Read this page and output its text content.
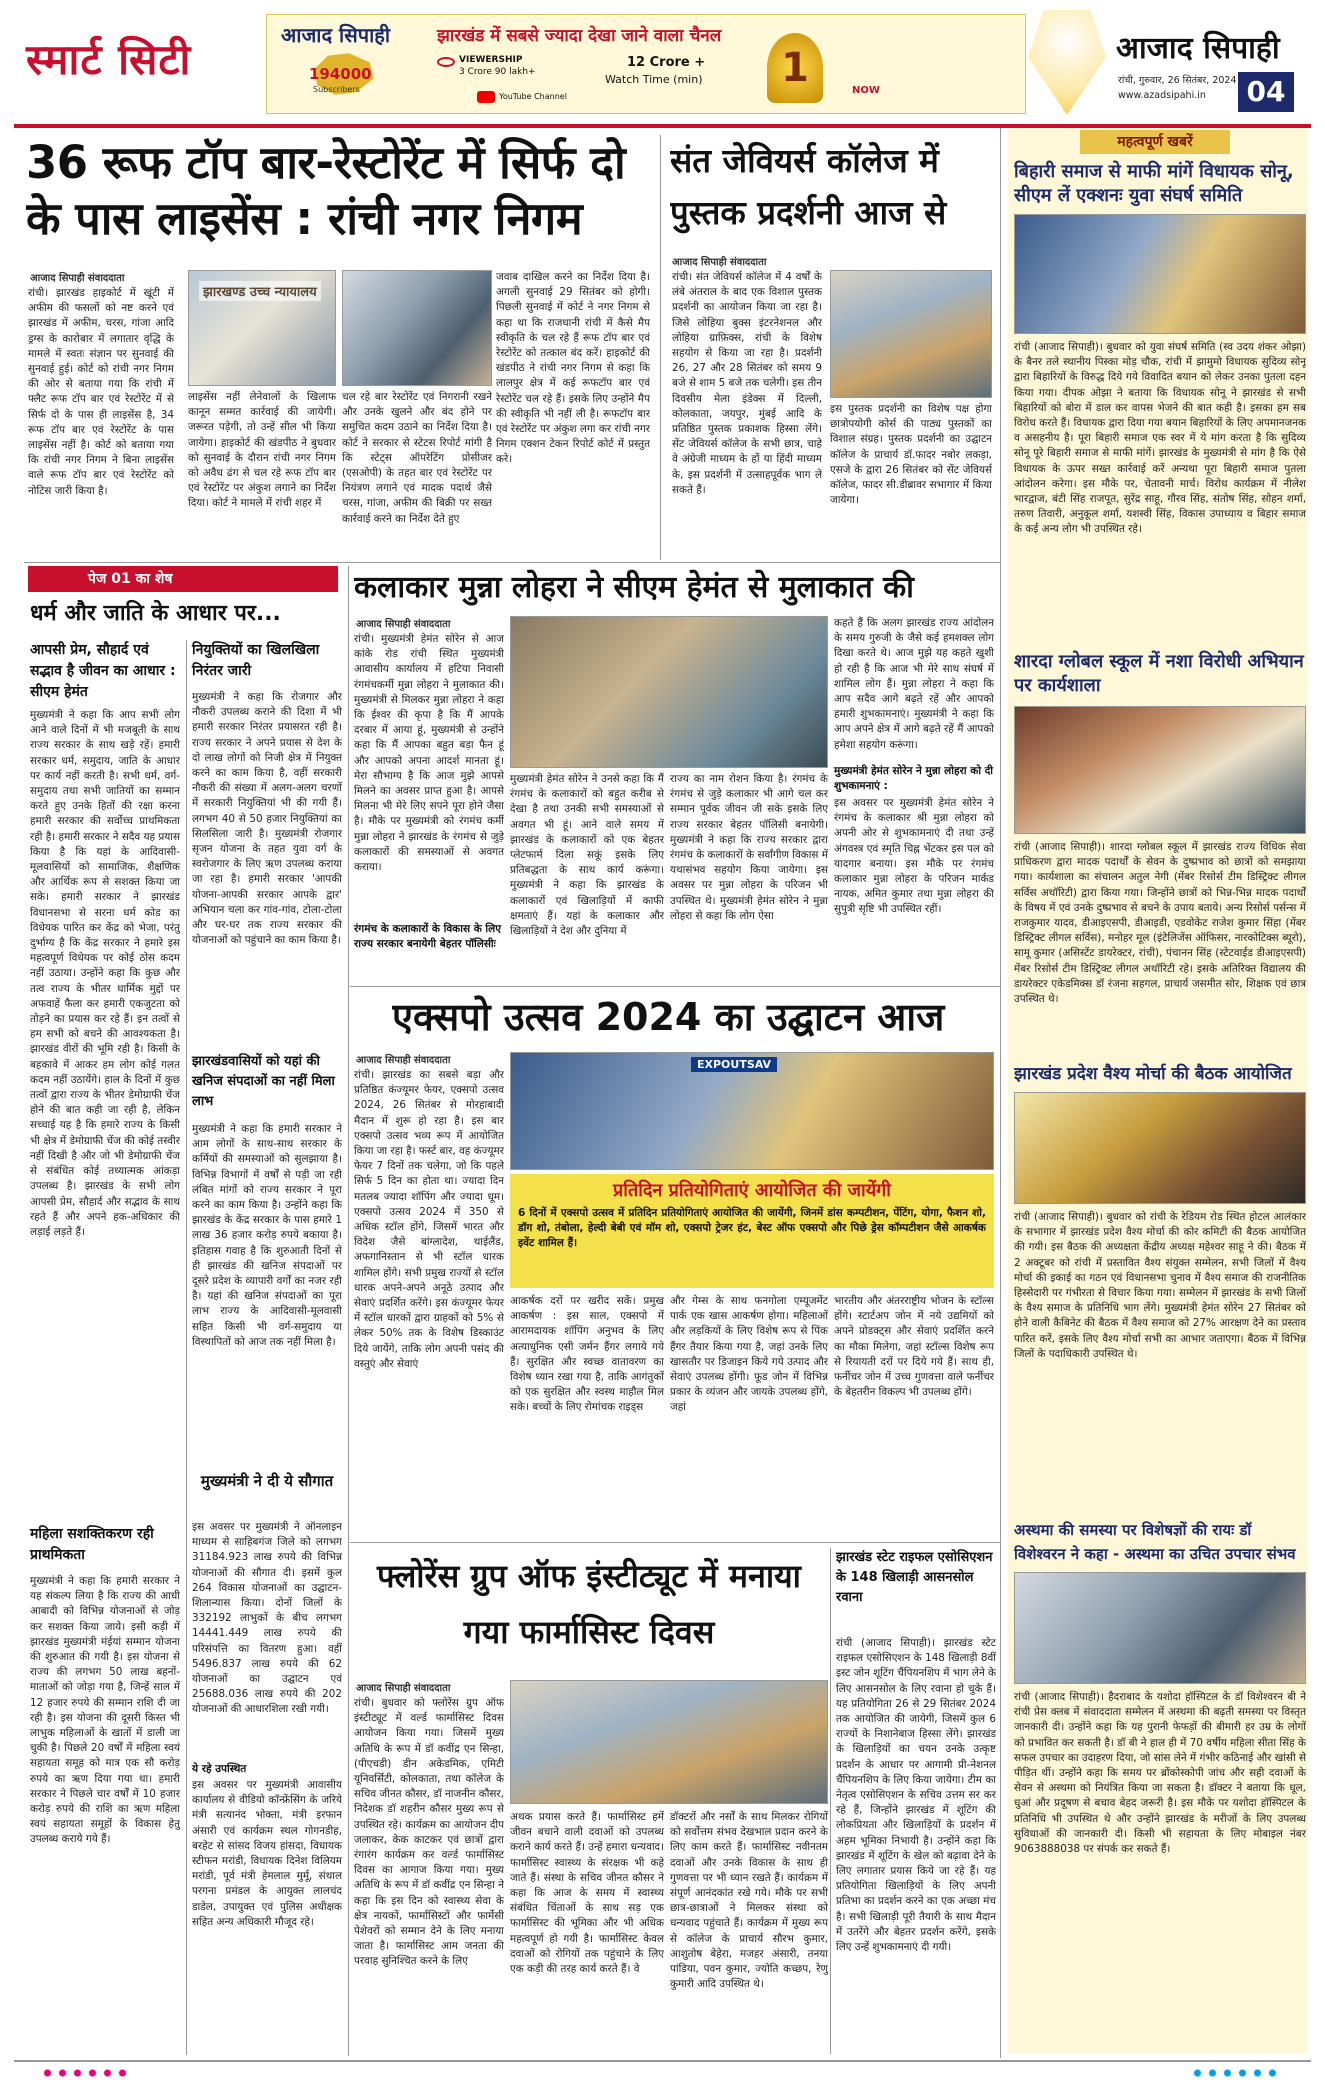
स्मार्ट सिटी	आजाद सिपाही	झारखंड में सबसे ज्यादा देखा जाने वाला चैनल
194000
Subscribers
VIEWERSHIP
3 Crore 90 lakh+
12 Crore +
Watch Time (min)
YouTube Channel
1	NOW
आजाद सिपाही
रांची, गुरुवार, 26 सितंबर, 2024
www.azadsipahi.in	04
36 रूफ टॉप बार-रेस्टोरेंट में सिर्फ दो के पास लाइसेंस : रांची नगर निगम
आजाद सिपाही संवाददाता
रांची। झारखंड हाइकोर्ट में खूंटी में अफीम की फसलों को नष्ट करने एवं झारखंड में अफीम, चरस, गांजा आदि ड्रग्स के कारोबार में लगातार वृद्धि के मामले में स्वतः संज्ञान पर सुनवाई की सुनवाई हुई। कोर्ट को रांची नगर निगम की ओर से बताया गया कि रांची में फ्लैट रूफ टॉप बार एवं रेस्टोरेंट में से सिर्फ दो के पास ही लाइसेंस है, 34 रूफ टॉप बार एवं रेस्टोरेंट के पास लाइसेंस नहीं है। कोर्ट को बताया गया कि रांची नगर निगम ने बिना लाइसेंस वाले रूफ टॉप बार एवं रेस्टोरेंट को नोटिस जारी किया है।
झारखण्ड उच्च न्यायालय
लाइसेंस नहीं लेनेवालों के खिलाफ कानून सम्मत कार्रवाई की जायेगी। जरूरत पड़ेगी, तो उन्हें सील भी किया जायेगा। हाइकोर्ट की खंडपीठ ने बुधवार को सुनवाई के दौरान रांची नगर निगम को अवैध ढंग से चल रहे रूफ टॉप बार एवं रेस्टोरेंट पर अंकुश लगाने का निर्देश दिया। कोर्ट ने मामले में रांची शहर में
चल रहे बार रेस्टोरेंट एवं निगरानी रखने और उनके खुलने और बंद होने पर समुचित कदम उठाने का निर्देश दिया है। कोर्ट ने सरकार से स्टेटस रिपोर्ट मांगी है कि स्टेट्स ऑपरेटिंग प्रोसीजर (एसओपी) के तहत बार एवं रेस्टोरेंट पर नियंत्रण लगाने एवं मादक पदार्थ जैसे चरस, गांजा, अफीम की बिक्री पर सख्त कार्रवाई करने का निर्देश देते हुए
जवाब दाखिल करने का निर्देश दिया है। अगली सुनवाई 29 सितंबर को होगी। पिछली सुनवाई में कोर्ट ने नगर निगम से कहा था कि राजधानी रांची में कैसे मैप स्वीकृति के चल रहे हैं रूफ टॉप बार एवं रेस्टोरेंट को तत्काल बंद करें। हाइकोर्ट की खंडपीठ ने रांची नगर निगम से कहा कि लालपुर क्षेत्र में कई रूफटॉप बार एवं रेस्टोरेंट चल रहे हैं। इसके लिए उन्होंने मैप की स्वीकृति भी नहीं ली है। रूफटॉप बार एवं रेस्टोरेंट पर अंकुश लगा कर रांची नगर निगम एक्शन टेकन रिपोर्ट कोर्ट में प्रस्तुत करे।
संत जेवियर्स कॉलेज में पुस्तक प्रदर्शनी आज से
आजाद सिपाही संवाददाता
रांची। संत जेवियर्स कॉलेज में 4 वर्षों के लंबे अंतराल के बाद एक विशाल पुस्तक प्रदर्शनी का आयोजन किया जा रहा है। जिसे लोहिया बुक्स इंटरनेशनल और लोहिया ग्राफ़िक्स, रांची के विशेष सहयोग से किया जा रहा है। प्रदर्शनी 26, 27 और 28 सितंबर को समय 9 बजे से शाम 5 बजे तक चलेगी। इस तीन दिवसीय मेला इंडेक्स में दिल्ली, कोलकाता, जयपुर, मुंबई आदि के प्रतिष्ठित पुस्तक प्रकाशक हिस्सा लेंगे। सेंट जेवियर्स कॉलेज के सभी छात्र, चाहे वे अंग्रेजी माध्यम के हों या हिंदी माध्यम के, इस प्रदर्शनी में उत्साहपूर्वक भाग ले सकते हैं।
इस पुस्तक प्रदर्शनी का विशेष पक्ष होगा छात्रोपयोगी कोर्स की पाठ्य पुस्तकों का विशाल संग्रह। पुस्तक प्रदर्शनी का उद्घाटन कॉलेज के प्राचार्य डॉ.फादर नबोर लकड़ा, एसजे के द्वारा 26 सितंबर को सेंट जेवियर्स कॉलेज, फादर सी.डीब्रावर सभागार में किया जायेगा।
महत्वपूर्ण खबरें
बिहारी समाज से माफी मांगें विधायक सोनू, सीएम लें एक्शनः युवा संघर्ष समिति
रांची (आजाद सिपाही)। बुधवार को युवा संघर्ष समिति (स्व उदय शंकर ओझा) के बैनर तले स्थानीय पिस्का मोड़ चौक, रांची में झामुमो विधायक सुदिव्य सोनू द्वारा बिहारियों के विरुद्ध दिये गये विवादित बयान को लेकर उनका पुतला दहन किया गया। दीपक ओझा ने बताया कि विधायक सोनू ने झारखंड से सभी बिहारियों को बोरा में डाल कर वापस भेजने की बात कही है। इसका हम सब विरोध करते हैं। विधायक द्वारा दिया गया बयान बिहारियों के लिए अपमानजनक व असहनीय है। पूरा बिहारी समाज एक स्वर में ये मांग करता है कि सुदिव्य सोनू पूरे बिहारी समाज से माफी मांगें। झारखंड के मुख्यमंत्री से मांग है कि ऐसे विधायक के ऊपर सख्त कार्रवाई करें अन्यथा पूरा बिहारी समाज पुतला आंदोलन करेगा। इस मौके पर, चेतावनी मार्च। विरोध कार्यक्रम में नीलेश भारद्वाज, बंटी सिंह राजपूत, सुरेंद्र साहू, गौरव सिंह, संतोष सिंह, सोहन शर्मा, तरुण तिवारी, अनुकूल शर्मा, यशस्वी सिंह, विकास उपाध्याय व बिहार समाज के कई अन्य लोग भी उपस्थित रहे।
शारदा ग्लोबल स्कूल में नशा विरोधी अभियान पर कार्यशाला
रांची (आजाद सिपाही)। शारदा ग्लोबल स्कूल में झारखंड राज्य विधिक सेवा प्राधिकरण द्वारा मादक पदार्थों के सेवन के दुष्प्रभाव को छात्रों को समझाया गया। कार्यशाला का संचालन अतुल नेगी (मेंबर रिसोर्स टीम डिस्ट्रिक्ट लीगल सर्विस अथॉरिटी) द्वारा किया गया। जिन्होंने छात्रों को भिन्न-भिन्न मादक पदार्थों के विषय में एवं उनके दुष्प्रभाव से बचने के उपाय बताये। अन्य रिसोर्स पर्सन्स में राजकुमार यादव, डीआइएसपी, डीआइडी, एडवोकेट राजेश कुमार सिंहा (मेंबर डिस्ट्रिक्ट लीगल सर्विस), मनोहर मूल (इंटेलिजेंस ऑफिसर, नारकोटिक्स ब्यूरो), सामू कुमार (असिस्टेंट डायरेक्टर, रांची), पंचानन सिंह (स्टेटवाईड डीआइएसपी) मेंबर रिसोर्स टीम डिस्ट्रिक्ट लीगल अथॉरिटी रहे। इसके अतिरिक्त विद्यालय की डायरेक्टर एकेडमिक्स डॉ रंजना सहगल, प्राचार्य जसमीत सोर, शिक्षक एवं छात्र उपस्थित थे।
झारखंड प्रदेश वैश्य मोर्चा की बैठक आयोजित
रांची (आजाद सिपाही)। बुधवार को रांची के रेडियम रोड स्थित होटल आलंकार के सभागार में झारखंड प्रदेश वैश्य मोर्चा की कोर कमिटी की बैठक आयोजित की गयी। इस बैठक की अध्यक्षता केंद्रीय अध्यक्ष महेश्वर साहू ने की। बैठक में 2 अक्टूबर को रांची में प्रस्तावित वैश्य संयुक्त सम्मेलन, सभी जिलों में वैश्य मोर्चा की इकाई का गठन एवं विधानसभा चुनाव में वैश्य समाज की राजनीतिक हिस्सेदारी पर गंभीरता से विचार किया गया। सम्मेलन में झारखंड के सभी जिलों के वैश्य समाज के प्रतिनिधि भाग लेंगे। मुख्यमंत्री हेमंत सोरेन 27 सितंबर को होने वाली कैबिनेट की बैठक में वैश्य समाज को 27% आरक्षण देने का प्रस्ताव पारित करें, इसके लिए वैश्य मोर्चा सभी का आभार जताएगा। बैठक में विभिन्न जिलों के पदाधिकारी उपस्थित थे।
अस्थमा की समस्या पर विशेषज्ञों की रायः डॉ विशेश्वरन ने कहा - अस्थमा का उचित उपचार संभव
रांची (आजाद सिपाही)। हैदराबाद के यशोदा हॉस्पिटल के डॉ विशेश्वरन बी ने रांची प्रेस क्लब में संवाददाता सम्मेलन में अस्थमा की बढ़ती समस्या पर विस्तृत जानकारी दी। उन्होंने कहा कि यह पुरानी फेफड़ों की बीमारी हर उम्र के लोगों को प्रभावित कर सकती है। डॉ बी ने हाल ही में 70 वर्षीय महिला सीता सिंह के सफल उपचार का उदाहरण दिया, जो सांस लेने में गंभीर कठिनाई और खांसी से पीड़ित थीं। उन्होंने कहा कि समय पर ब्रोंकोस्कोपी जांच और सही दवाओं के सेवन से अस्थमा को नियंत्रित किया जा सकता है। डॉक्टर ने बताया कि धूल, धुआं और प्रदूषण से बचाव बेहद जरूरी है। इस मौके पर यशोदा हॉस्पिटल के प्रतिनिधि भी उपस्थित थे और उन्होंने झारखंड के मरीजों के लिए उपलब्ध सुविधाओं की जानकारी दी। किसी भी सहायता के लिए मोबाइल नंबर 9063888038 पर संपर्क कर सकते हैं।
पेज 01 का शेष
धर्म और जाति के आधार पर...
आपसी प्रेम, सौहार्द एवं सद्भाव है जीवन का आधार : सीएम हेमंत
मुख्यमंत्री ने कहा कि आप सभी लोग आने वाले दिनों में भी मजबूती के साथ राज्य सरकार के साथ खड़े रहें। हमारी सरकार धर्म, समुदाय, जाति के आधार पर कार्य नहीं करती है। सभी धर्म, वर्ग-समुदाय तथा सभी जातियों का सम्मान करते हुए उनके हितों की रक्षा करना हमारी सरकार की सर्वोच्च प्राथमिकता रही है। हमारी सरकार ने सदैव यह प्रयास किया है कि यहां के आदिवासी-मूलवासियों को सामाजिक, शैक्षणिक और आर्थिक रूप से सशक्त किया जा सके। हमारी सरकार ने झारखंड विधानसभा से सरना धर्म कोड का विधेयक पारित कर केंद्र को भेजा, परंतु दुर्भाग्य है कि केंद्र सरकार ने हमारे इस महत्वपूर्ण विधेयक पर कोई ठोस कदम नहीं उठाया। उन्होंने कहा कि कुछ और तत्व राज्य के भीतर धार्मिक मुद्दों पर अफवाहें फैला कर हमारी एकजुटता को तोड़ने का प्रयास कर रहे हैं। इन तत्वों से हम सभी को बचने की आवश्यकता है। झारखंड वीरों की भूमि रही है। किसी के बहकावे में आकर हम लोग कोई गलत कदम नहीं उठायेंगे। हाल के दिनों में कुछ तत्वों द्वारा राज्य के भीतर डेमोग्राफी चेंज होने की बात कही जा रही है, लेकिन सच्चाई यह है कि हमारे राज्य के किसी भी क्षेत्र में डेमोग्राफी चेंज की कोई तस्वीर नहीं दिखी है और जो भी डेमोग्राफी चेंज से संबंधित कोई तथ्यात्मक आंकड़ा उपलब्ध है। झारखंड के सभी लोग आपसी प्रेम, सौहार्द और सद्भाव के साथ रहते हैं और अपने हक-अधिकार की लड़ाई लड़ते हैं।
महिला सशक्तिकरण रही प्राथमिकता
मुख्यमंत्री ने कहा कि हमारी सरकार ने यह संकल्प लिया है कि राज्य की आधी आबादी को विभिन्न योजनाओं से जोड़ कर सशक्त किया जाये। इसी कड़ी में झारखंड मुख्यमंत्री मंईयां सम्मान योजना की शुरुआत की गयी है। इस योजना से राज्य की लगभग 50 लाख बहनों-माताओं को जोड़ा गया है, जिन्हें साल में 12 हजार रुपये की सम्मान राशि दी जा रही है। इस योजना की दूसरी किस्त भी लाभुक महिलाओं के खातों में डाली जा चुकी है। पिछले 20 वर्षों में महिला स्वयं सहायता समूह को मात्र एक सौ करोड़ रुपये का ऋण दिया गया था। हमारी सरकार ने पिछले चार वर्षों में 10 हजार करोड़ रुपये की राशि का ऋण महिला स्वयं सहायता समूहों के विकास हेतु उपलब्ध कराये गये हैं।
नियुक्तियों का खिलखिला निरंतर जारी
मुख्यमंत्री ने कहा कि रोजगार और नौकरी उपलब्ध कराने की दिशा में भी हमारी सरकार निरंतर प्रयासरत रही है। राज्य सरकार ने अपने प्रयास से देश के दो लाख लोगों को निजी क्षेत्र में नियुक्त करने का काम किया है, वहीं सरकारी नौकरी की संख्या में अलग-अलग चरणों में सरकारी नियुक्तियां भी की गयी हैं। लगभग 40 से 50 हजार नियुक्तियां का सिलसिला जारी है। मुख्यमंत्री रोजगार सृजन योजना के तहत युवा वर्ग के स्वरोजगार के लिए ऋण उपलब्ध कराया जा रहा है। हमारी सरकार 'आपकी योजना-आपकी सरकार आपके द्वार' अभियान चला कर गांव-गांव, टोला-टोला और घर-घर तक राज्य सरकार की योजनाओं को पहुंचाने का काम किया है।
झारखंडवासियों को यहां की खनिज संपदाओं का नहीं मिला लाभ
मुख्यमंत्री ने कहा कि हमारी सरकार ने आम लोगों के साथ-साथ सरकार के कर्मियों की समस्याओं को सुलझाया है। विभिन्न विभागों में वर्षों से पड़ी जा रही लंबित मांगों को राज्य सरकार ने पूरा करने का काम किया है। उन्होंने कहा कि झारखंड के केंद्र सरकार के पास हमारे 1 लाख 36 हजार करोड़ रुपये बकाया है। इतिहास गवाह है कि शुरुआती दिनों से ही झारखंड की खनिज संपदाओं पर दूसरे प्रदेश के व्यापारी वर्गों का नजर रही है। यहां की खनिज संपदाओं का पूरा लाभ राज्य के आदिवासी-मूलवासी सहित किसी भी वर्ग-समुदाय या विस्थापितों को आज तक नहीं मिला है।
मुख्यमंत्री ने दी ये सौगात
इस अवसर पर मुख्यमंत्री ने ऑनलाइन माध्यम से साहिबगंज जिले को लगभग 31184.923 लाख रुपये की विभिन्न योजनाओं की सौगात दी। इसमें कुल 264 विकास योजनाओं का उद्घाटन-शिलान्यास किया। दोनों जिलों के 332192 लाभुकों के बीच लगभग 14441.449 लाख रुपये की परिसंपत्ति का वितरण हुआ। वहीं 5496.837 लाख रुपये की 62 योजनाओं का उद्घाटन एवं 25688.036 लाख रुपये की 202 योजनाओं की आधारशिला रखी गयी।
ये रहे उपस्थित
इस अवसर पर मुख्यमंत्री आवासीय कार्यालय से वीडियो कॉन्फ्रेंसिंग के जरिये मंत्री सत्यानंद भोक्ता, मंत्री इरफान अंसारी एवं कार्यक्रम स्थल गोगनडीह, बरहेट से सांसद विजय हांसदा, विधायक स्टीफन मरांडी, विधायक दिनेश विलियम मरांडी, पूर्व मंत्री हेमलाल मुर्मू, संथाल परगना प्रमंडल के आयुक्त लालचंद डाडेल, उपायुक्त एवं पुलिस अधीक्षक सहित अन्य अधिकारी मौजूद रहे।
कलाकार मुन्ना लोहरा ने सीएम हेमंत से मुलाकात की
आजाद सिपाही संवाददाता
रांची। मुख्यमंत्री हेमंत सोरेन से आज कांके रोड रांची स्थित मुख्यमंत्री आवासीय कार्यालय में हटिया निवासी रंगमंचकर्मी मुन्ना लोहरा ने मुलाकात की। मुख्यमंत्री से मिलकर मुन्ना लोहरा ने कहा कि ईश्वर की कृपा है कि मैं आपके दरबार में आया हूं, मुख्यमंत्री से उन्होंने कहा कि मैं आपका बहुत बड़ा फैन हूं और आपको अपना आदर्श मानता हूं। मेरा सौभाग्य है कि आज मुझे आपसे मिलने का अवसर प्राप्त हुआ है। आपसे मिलना भी मेरे लिए सपने पूरा होने जैसा है। मौके पर मुख्यमंत्री को रंगमंच कर्मी मुन्ना लोहरा ने झारखंड के रंगमंच से जुड़े कलाकारों की समस्याओं से अवगत कराया।
रंगमंच के कलाकारों के विकास के लिए राज्य सरकार बनायेगी बेहतर पॉलिसीः
मुख्यमंत्री हेमंत सोरेन ने उनसे कहा कि मैं रंगमंच के कलाकारों को बहुत करीब से देखा है तथा उनकी सभी समस्याओं से अवगत भी हूं। आने वाले समय में झारखंड के कलाकारों को एक बेहतर प्लेटफार्म दिला सकूं इसके लिए प्रतिबद्धता के साथ कार्य करूंगा। मुख्यमंत्री ने कहा कि झारखंड के कलाकारों एवं खिलाड़ियों में काफी क्षमताएं हैं। यहां के कलाकार और खिलाड़ियों ने देश और दुनिया में
राज्य का नाम रोशन किया है। रंगमंच के रंगमंच से जुड़े कलाकार भी आगे चल कर सम्मान पूर्वक जीवन जी सके इसके लिए राज्य सरकार बेहतर पॉलिसी बनायेगी। मुख्यमंत्री ने कहा कि राज्य सरकार द्वारा रंगमंच के कलाकारों के सर्वांगीण विकास में यथासंभव सहयोग किया जायेगा। इस अवसर पर मुन्ना लोहरा के परिजन भी उपस्थित थे। मुख्यमंत्री हेमंत सोरेन ने मुन्ना लोहरा से कहा कि लोग ऐसा
कहते हैं कि अलग झारखंड राज्य आंदोलन के समय गुरुजी के जैसे कई हमशक्ल लोग दिखा करते थे। आज मुझे यह कहते खुशी हो रही है कि आज भी मेरे साथ संघर्ष में शामिल लोग हैं। मुन्ना लोहरा ने कहा कि आप सदैव आगे बढ़ते रहें और आपको हमारी शुभकामनाएं। मुख्यमंत्री ने कहा कि आप अपने क्षेत्र में आगे बढ़ते रहें मैं आपको हमेशा सहयोग करूंगा।
मुख्यमंत्री हेमंत सोरेन ने मुन्ना लोहरा को दी शुभकामनाएं :
इस अवसर पर मुख्यमंत्री हेमंत सोरेन ने रंगमंच के कलाकार श्री मुन्ना लोहरा को अपनी ओर से शुभकामनाएं दी तथा उन्हें अंगवस्त्र एवं स्मृति चिह्न भेंटकर इस पल को यादगार बनाया। इस मौके पर रंगमंच कलाकार मुन्ना लोहरा के परिजन मार्कड नायक, अमित कुमार तथा मुन्ना लोहरा की सुपुत्री सृष्टि भी उपस्थित रहीं।
एक्सपो उत्सव 2024 का उद्घाटन आज
आजाद सिपाही संवाददाता
रांची। झारखंड का सबसे बड़ा और प्रतिष्ठित कंज्यूमर फेयर, एक्सपो उत्सव 2024, 26 सितंबर से मोरहाबादी मैदान में शुरू हो रहा है। इस बार एक्सपो उत्सव भव्य रूप में आयोजित किया जा रहा है। फर्स्ट बार, वह कंज्यूमर फेयर 7 दिनों तक चलेगा, जो कि पहले सिर्फ 5 दिन का होता था। ज्यादा दिन मतलब ज्यादा शॉपिंग और ज्यादा धूम। एक्सपो उत्सव 2024 में 350 से अधिक स्टॉल होंगे, जिसमें भारत और विदेश जैसे बांग्लादेश, थाईलैंड, अफगानिस्तान से भी स्टॉल धारक शामिल होंगे। सभी प्रमुख राज्यों से स्टॉल धारक अपने-अपने अनूठे उत्पाद और सेवाएं प्रदर्शित करेंगे। इस कंज्यूमर फेयर में स्टॉल धारकों द्वारा ग्राहकों को 5% से लेकर 50% तक के विशेष डिस्काउंट दिये जायेंगे, ताकि लोग अपनी पसंद की वस्तुएं और सेवाएं
EXPOUTSAV
प्रतिदिन प्रतियोगिताएं आयोजित की जायेंगी
6 दिनों में एक्सपो उत्सव में प्रतिदिन प्रतियोगिताएं आयोजित की जायेंगी, जिनमें डांस कम्पटीशन, पेंटिंग, योगा, फैशन शो, डॉग शो, तंबोला, हेल्दी बेबी एवं मॉम शो, एक्सपो ट्रेजर हंट, बेस्ट ऑफ एक्सपो और पिछे ड्रेस कॉम्पटीशन जैसे आकर्षक इवेंट शामिल हैं।
आकर्षक दरों पर खरीद सकें। प्रमुख आकर्षण : इस साल, एक्सपो में आरामदायक शॉपिंग अनुभव के लिए अत्याधुनिक एसी जर्मन हैंगर लगाये गये हैं। सुरक्षित और स्वच्छ वातावरण का विशेष ध्यान रखा गया है, ताकि आगंतुकों को एक सुरक्षित और स्वस्थ माहौल मिल सके। बच्चों के लिए रोमांचक राइड्स
और गेम्स के साथ फनगोला एम्यूजमेंट पार्क एक खास आकर्षण होगा। महिलाओं और लड़कियों के लिए विशेष रूप से पिंक हैंगर तैयार किया गया है, जहां उनके लिए खासतौर पर डिजाइन किये गये उत्पाद और सेवाएं उपलब्ध होंगी। फूड जोन में विभिन्न प्रकार के व्यंजन और जायके उपलब्ध होंगे, जहां
भारतीय और अंतरराष्ट्रीय भोजन के स्टॉल्स होंगे। स्टार्टअप जोन में नये उद्यमियों को अपने प्रोडक्ट्स और सेवाएं प्रदर्शित करने का मौका मिलेगा, जहां स्टॉल्स विशेष रूप से रियायती दरों पर दिये गये हैं। साथ ही, फर्नीचर जोन में उच्च गुणवत्ता वाले फर्नीचर के बेहतरीन विकल्प भी उपलब्ध होंगे।
फ्लोरेंस ग्रुप ऑफ इंस्टीट्यूट में मनाया गया फार्मासिस्ट दिवस
आजाद सिपाही संवाददाता
रांची। बुधवार को फ्लोरेंस ग्रुप ऑफ इंस्टीट्यूट में वर्ल्ड फार्मासिस्ट दिवस आयोजन किया गया। जिसमें मुख्य अतिथि के रूप में डॉ कवींद्र एन सिन्हा, (पीएचडी) डीन अकेडमिक, एमिटी यूनिवर्सिटी, कोलकाता, तथा कॉलेज के सचिव जीनत कौसर, डॉ नाजनीन कौसर, निदेशक डॉ शहरीन कौसर मुख्य रूप से उपस्थित रहे। कार्यक्रम का आयोजन दीप जलाकर, केक काटकर एवं छात्रों द्वारा रंगारंग कार्यक्रम कर वर्ल्ड फार्मासिस्ट दिवस का आगाज किया गया। मुख्य अतिथि के रूप में डॉ कवींद्र एन सिन्हा ने कहा कि इस दिन को स्वास्थ्य सेवा के क्षेत्र नायकों, फार्मासिस्टों और फार्मेसी पेशेवरों को सम्मान देने के लिए मनाया जाता है। फार्मासिस्ट आम जनता की परवाह सुनिश्चित करने के लिए
अथक प्रयास करते हैं। फार्मासिस्ट हमें जीवन बचाने वाली दवाओं को उपलब्ध कराने कार्य करते हैं। उन्हें हमारा धन्यवाद। फार्मासिस्ट स्वास्थ्य के संरक्षक भी कहे जाते हैं। संस्था के सचिव जीनत कौसर ने कहा कि आज के समय में स्वास्थ्य संबंधित चिंताओं के साथ सड़ एक फार्मासिस्ट की भूमिका और भी अधिक महत्वपूर्ण हो गयी है। फार्मासिस्ट केवल दवाओं को रोगियों तक पहुंचाने के लिए एक कड़ी की तरह कार्य करते हैं। वे
डॉक्टरों और नर्सों के साथ मिलकर रोगियों को सर्वोत्तम संभव देखभाल प्रदान करने के लिए काम करते हैं। फार्मासिस्ट नवीनतम दवाओं और उनके विकास के साथ ही गुणवत्ता पर भी ध्यान रखते हैं। कार्यक्रम में संपूर्ण आनंदकांत रखे गये। मौके पर सभी छात्र-छात्राओं ने मिलकर संस्था को धन्यवाद पहुंचाते हैं। कार्यक्रम में मुख्य रूप से कॉलेज के प्राचार्य सौरभ कुमार, आशुतोष बेहेरा, मजहर अंसारी, तनया पांडिया, पवन कुमार, ज्योति कच्छप, रेणु कुमारी आदि उपस्थित थे।
झारखंड स्टेट राइफल एसोसिएशन के 148 खिलाड़ी आसनसोल रवाना
रांची (आजाद सिपाही)। झारखंड स्टेट राइफल एसोसिएशन के 148 खिलाड़ी 8वीं इस्ट जोन शूटिंग चैंपियनशिप में भाग लेने के लिए आसनसोल के लिए रवाना हो चुके हैं। यह प्रतियोगिता 26 से 29 सितंबर 2024 तक आयोजित की जायेगी, जिसमें कुल 6 राज्यों के निशानेबाज हिस्सा लेंगे। झारखंड के खिलाड़ियों का चयन उनके उत्कृष्ट प्रदर्शन के आधार पर आगामी प्री-नेशनल चैंपियनशिप के लिए किया जायेगा। टीम का नेतृत्व एसोसिएशन के सचिव उत्तम सर कर रहे हैं, जिन्होंने झारखंड में शूटिंग की लोकप्रियता और खिलाड़ियों के प्रदर्शन में अहम भूमिका निभायी है। उन्होंने कहा कि झारखंड में शूटिंग के खेल को बढ़ावा देने के लिए लगातार प्रयास किये जा रहे हैं। यह प्रतियोगिता खिलाड़ियों के लिए अपनी प्रतिभा का प्रदर्शन करने का एक अच्छा मंच है। सभी खिलाड़ी पूरी तैयारी के साथ मैदान में उतरेंगे और बेहतर प्रदर्शन करेंगे, इसके लिए उन्हें शुभकामनाएं दी गयी।
